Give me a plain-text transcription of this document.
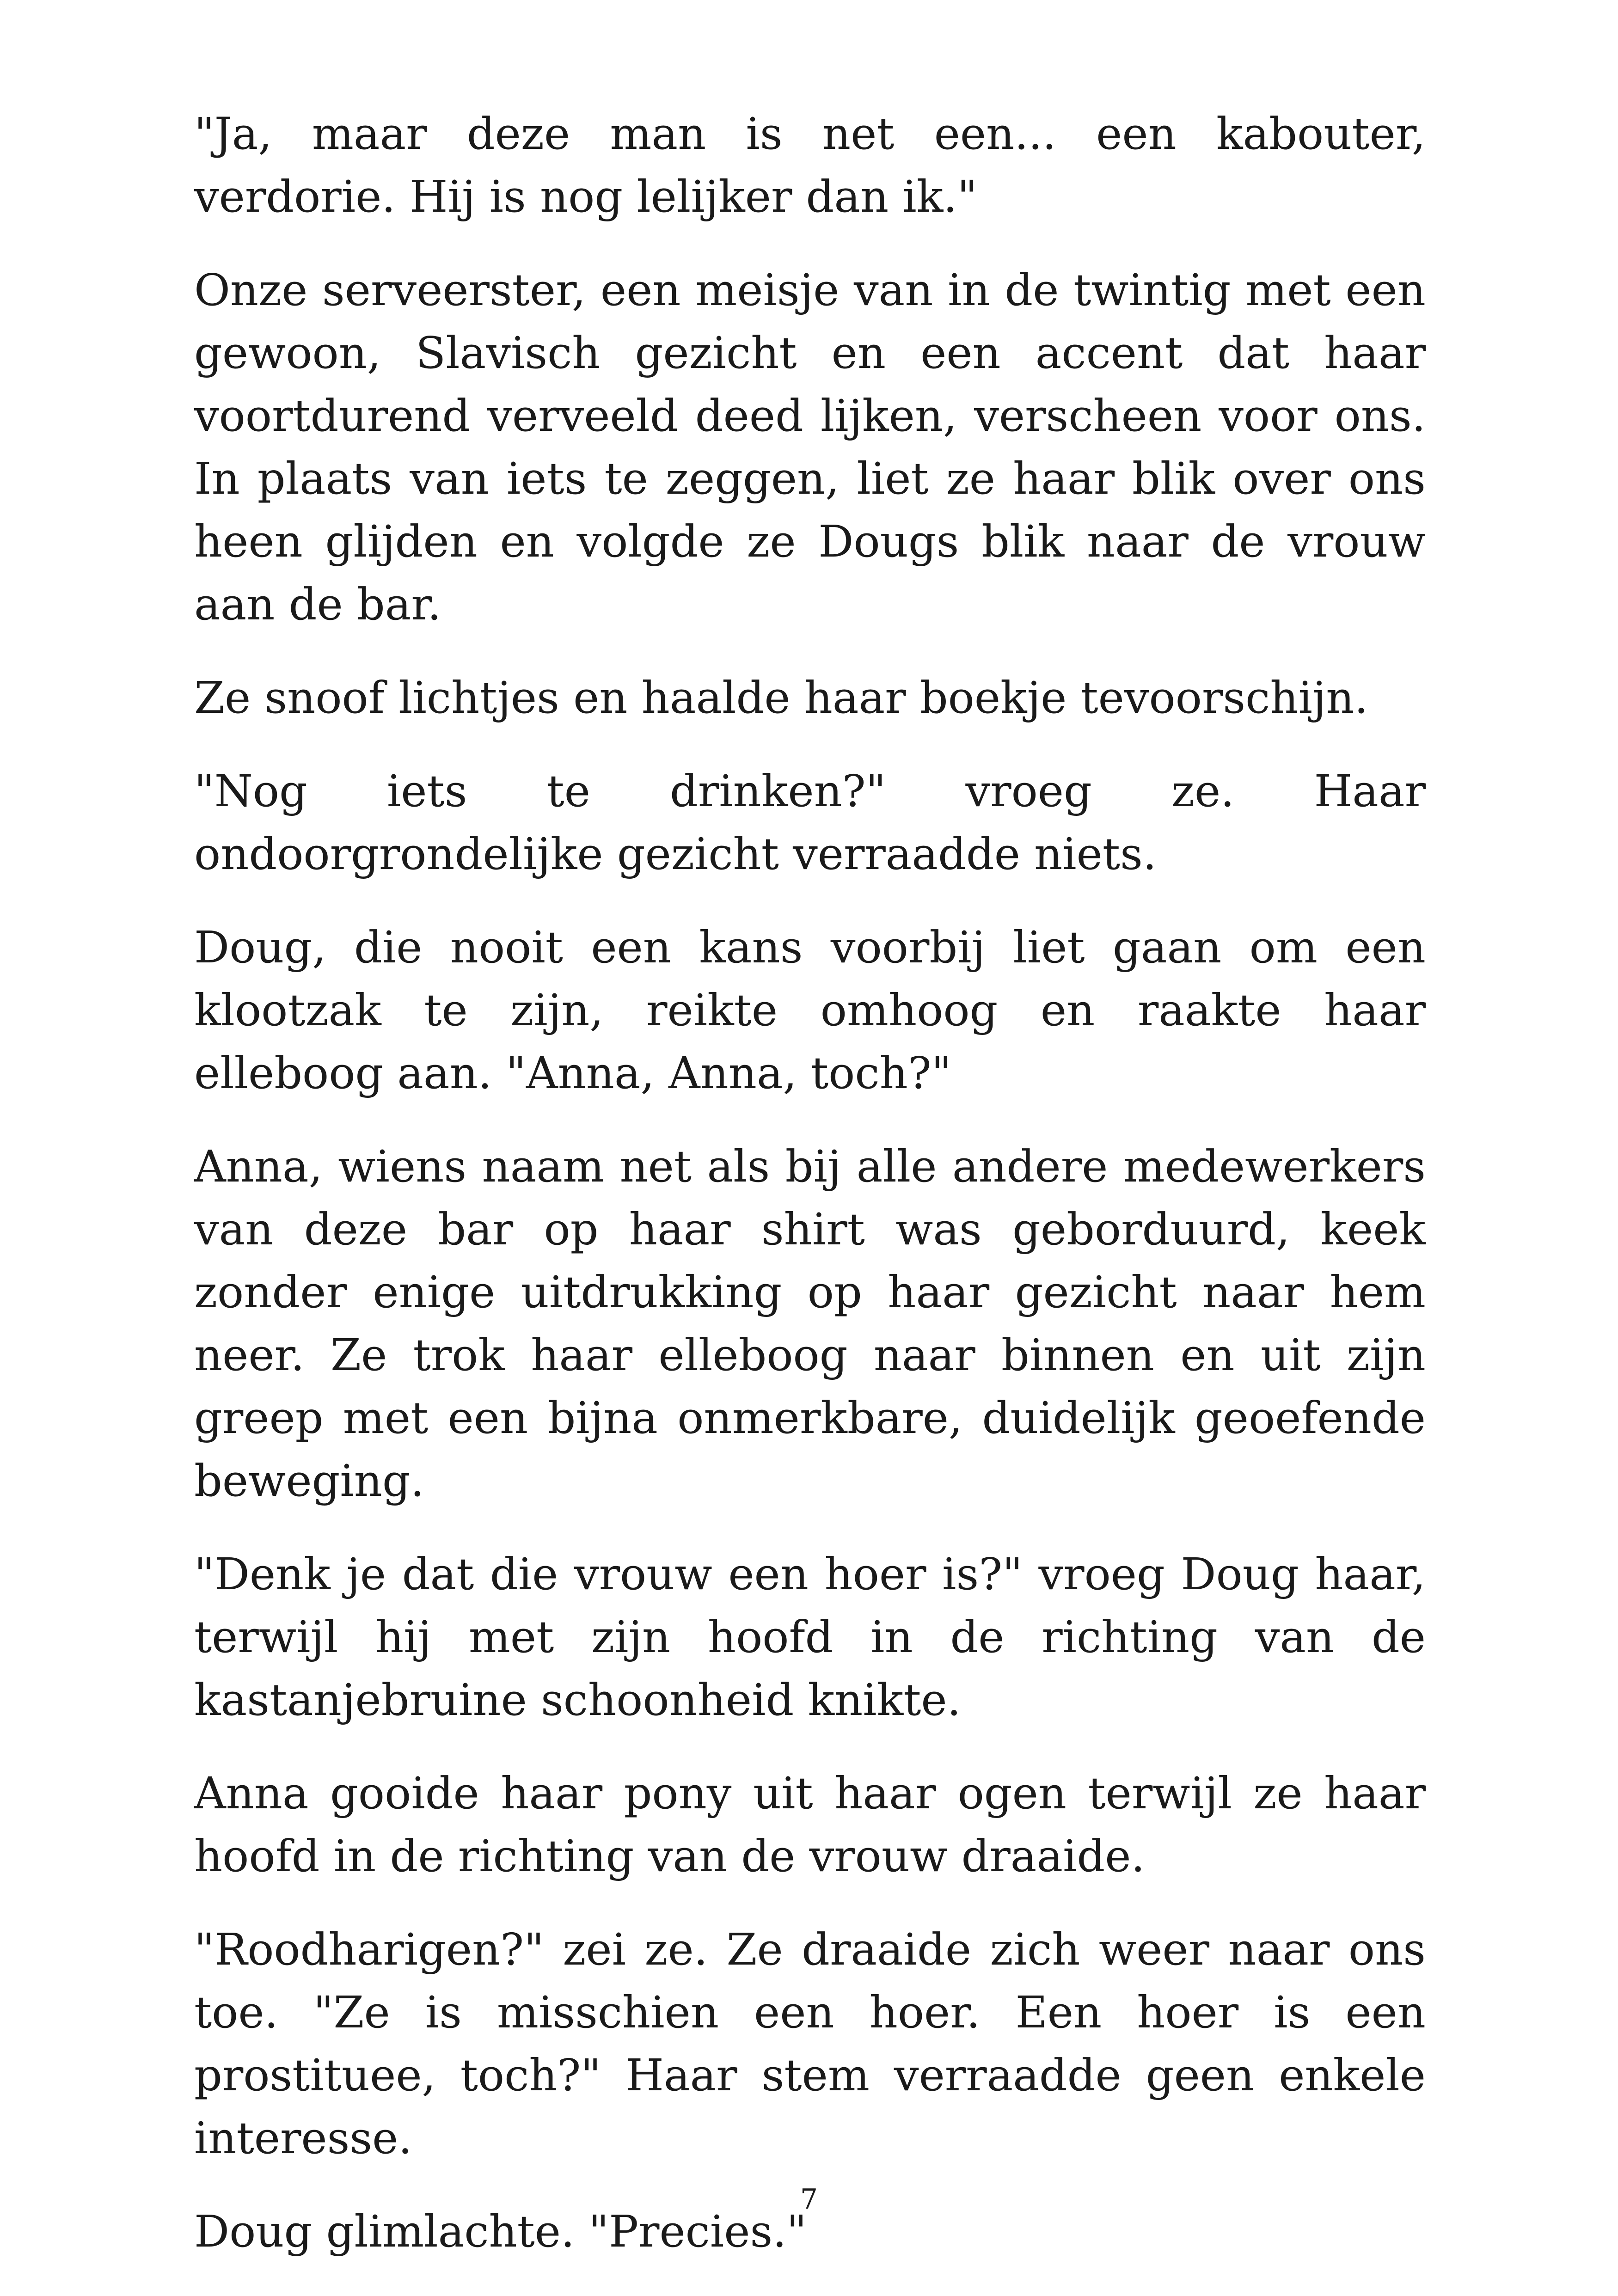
"Ja, maar deze man is net een... een kabouter, verdorie. Hij is nog lelijker dan ik."

Onze serveerster, een meisje van in de twintig met een gewoon, Slavisch gezicht en een accent dat haar voortdurend verveeld deed lijken, verscheen voor ons. In plaats van iets te zeggen, liet ze haar blik over ons heen glijden en volgde ze Dougs blik naar de vrouw aan de bar.

Ze snoof lichtjes en haalde haar boekje tevoorschijn.

"Nog iets te drinken?" vroeg ze. Haar ondoorgrondelijke gezicht verraadde niets.

Doug, die nooit een kans voorbij liet gaan om een klootzak te zijn, reikte omhoog en raakte haar elleboog aan. "Anna, Anna, toch?"

Anna, wiens naam net als bij alle andere medewerkers van deze bar op haar shirt was geborduurd, keek zonder enige uitdrukking op haar gezicht naar hem neer. Ze trok haar elleboog naar binnen en uit zijn greep met een bijna onmerkbare, duidelijk geoefende beweging.

"Denk je dat die vrouw een hoer is?" vroeg Doug haar, terwijl hij met zijn hoofd in de richting van de kastanjebruine schoonheid knikte.

Anna gooide haar pony uit haar ogen terwijl ze haar hoofd in de richting van de vrouw draaide.

"Roodharigen?" zei ze. Ze draaide zich weer naar ons toe. "Ze is misschien een hoer. Een hoer is een prostituee, toch?" Haar stem verraadde geen enkele interesse.

Doug glimlachte. "Precies."

7
